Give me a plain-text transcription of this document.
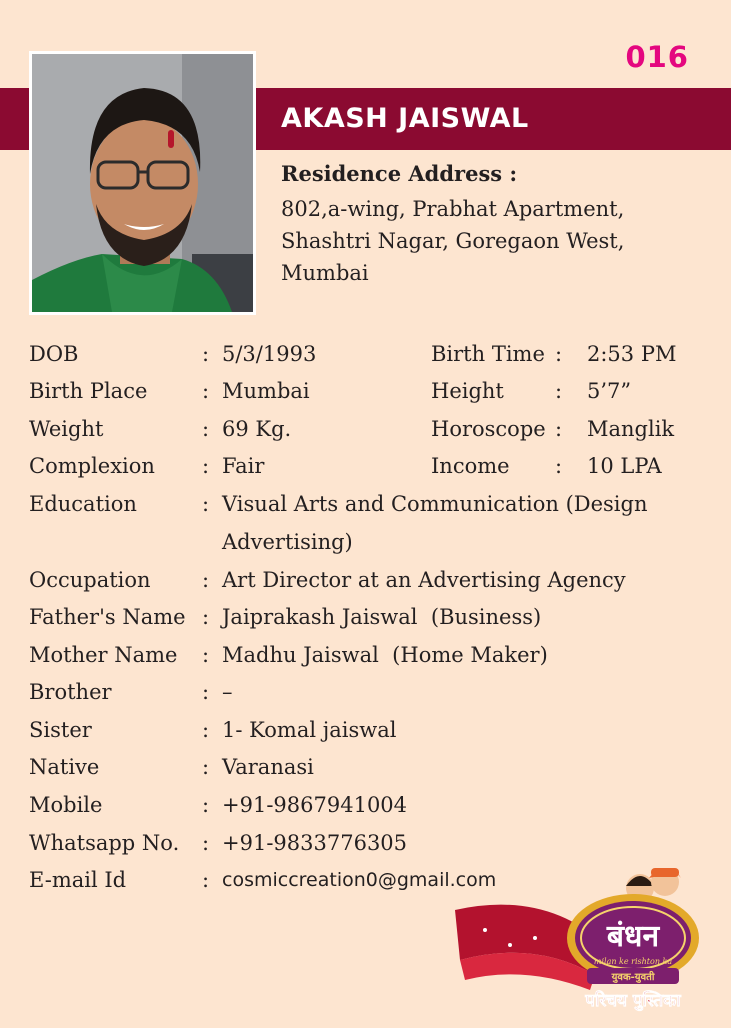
016
AKASH JAISWAL
Residence Address :
802,a-wing, Prabhat Apartment,
Shashtri Nagar, Goregaon West,
Mumbai
DOB	: 5/3/1993	Birth Time : 2:53 PM
Birth Place	: Mumbai	Height : 5’7”
Weight	: 69 Kg.	Horoscope : Manglik
Complexion : Fair	Income : 10 LPA
Education	: Visual Arts and Communication (Design
Advertising)
Occupation : Art Director at an Advertising Agency
Father's Name : Jaiprakash Jaiswal  (Business)
Mother Name : Madhu Jaiswal  (Home Maker)
Brother	: –
Sister	: 1- Komal jaiswal
Native	: Varanasi
Mobile	: +91-9867941004
Whatsapp No. : +91-9833776305
E-mail Id	: cosmiccreation0@gmail.com
बंधन
milan ke rishton ka
युवक-युवती
परिचय पुस्तिका
